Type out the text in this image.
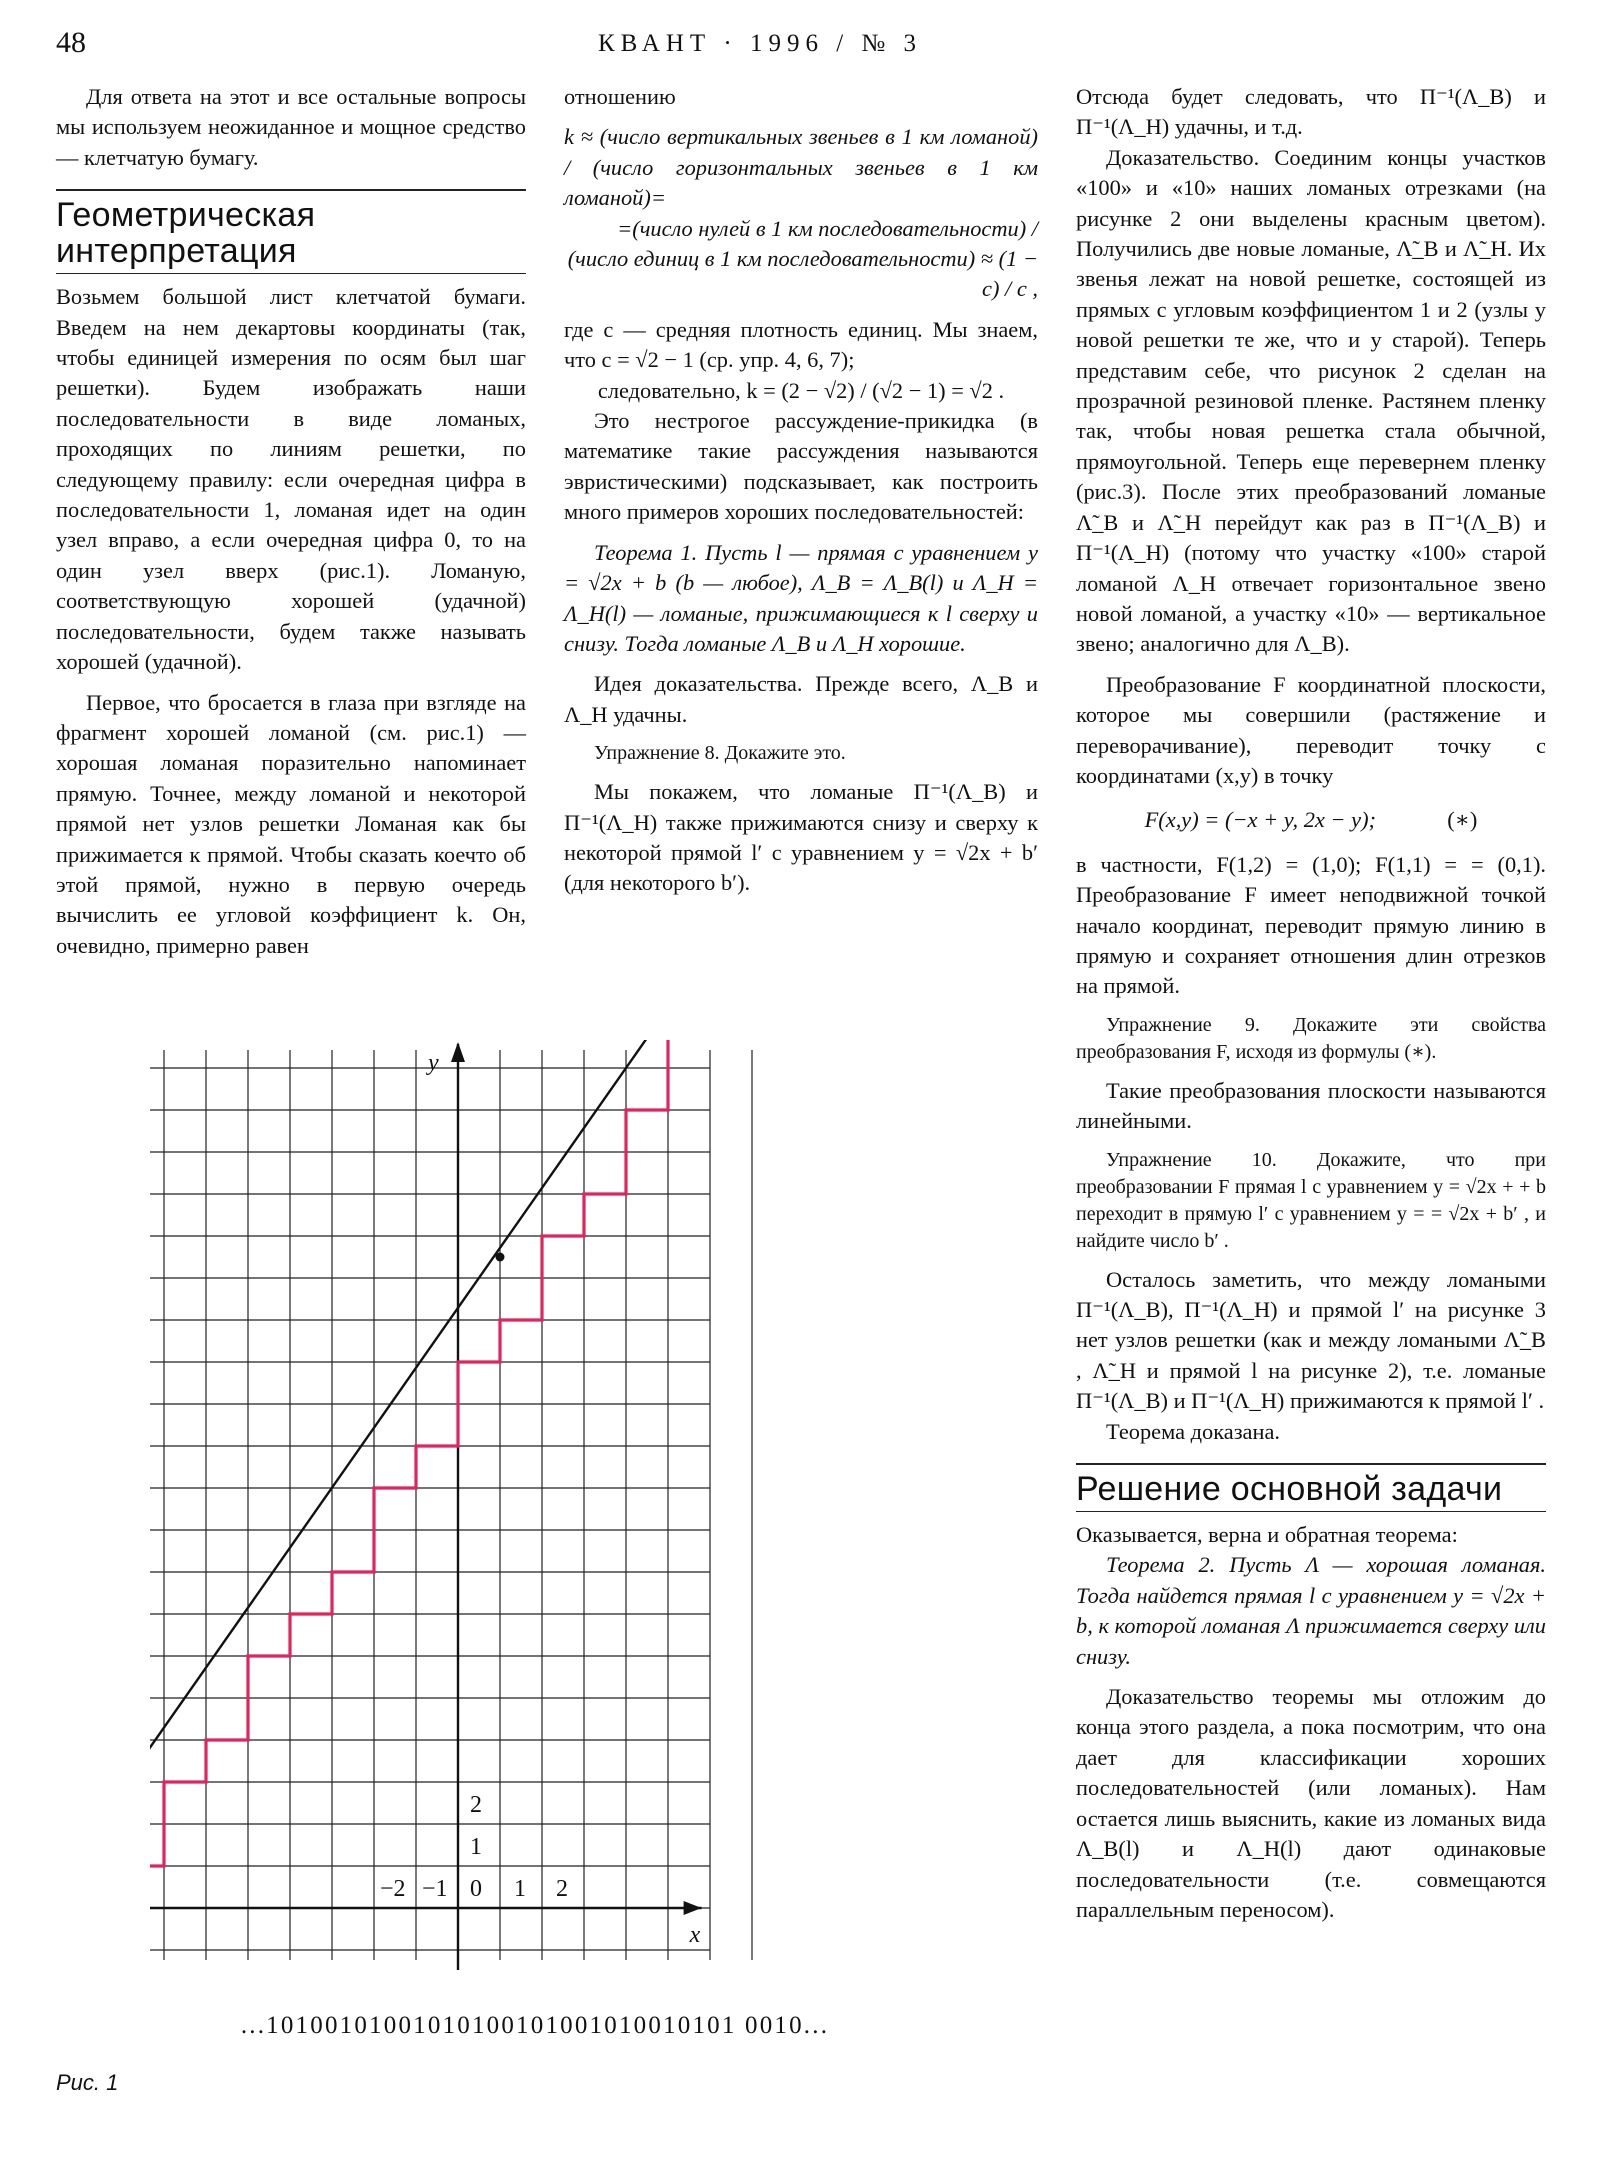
48	КВАНТ · 1996 / № 3

Для ответа на этот и все остальные вопросы мы используем неожиданное и мощное средство — клетчатую бумагу.

Геометрическая
интерпретация

Возьмем большой лист клетчатой бумаги. Введем на нем декартовы координаты (так, чтобы единицей измерения по осям был шаг решетки). Будем изображать наши последовательности в виде ломаных, проходящих по линиям решетки, по следующему правилу: если очередная цифра в последовательности 1, ломаная идет на один узел вправо, а если очередная цифра 0, то на один узел вверх (рис.1). Ломаную, соответствующую хорошей (удачной) последовательности, будем также называть хорошей (удачной).

Первое, что бросается в глаза при взгляде на фрагмент хорошей ломаной (см. рис.1) — хорошая ломаная поразительно напоминает прямую. Точнее, между ломаной и некоторой прямой нет узлов решетки Ломаная как бы прижимается к прямой. Чтобы сказать коечто об этой прямой, нужно в первую очередь вычислить ее угловой коэффициент k. Он, очевидно, примерно равен

отношению

k ≈ (число вертикальных звеньев в 1 км ломаной) / (число горизонтальных звеньев в 1 км ломаной)=

=(число нулей в 1 км последовательности) / (число единиц в 1 км последовательности) ≈ (1 − c) / c ,

где c — средняя плотность единиц. Мы знаем, что c = √2 − 1 (ср. упр. 4, 6, 7);

следовательно, k = (2 − √2) / (√2 − 1) = √2 .

Это нестрогое рассуждение-прикидка (в математике такие рассуждения называются эвристическими) подсказывает, как построить много примеров хороших последовательностей:

Теорема 1. Пусть l — прямая с уравнением y = √2x + b (b — любое), Λ_B = Λ_B(l) и Λ_H = Λ_H(l) — ломаные, прижимающиеся к l сверху и снизу. Тогда ломаные Λ_B и Λ_H хорошие.

Идея доказательства. Прежде всего, Λ_B и Λ_H удачны.

Упражнение 8. Докажите это.

Мы покажем, что ломаные Π⁻¹(Λ_B) и Π⁻¹(Λ_H) также прижимаются снизу и сверху к некоторой прямой l′ с уравнением y = √2x + b′ (для некоторого b′).

Отсюда будет следовать, что Π⁻¹(Λ_B) и Π⁻¹(Λ_H) удачны, и т.д.

Доказательство. Соединим концы участков «100» и «10» наших ломаных отрезками (на рисунке 2 они выделены красным цветом). Получились две новые ломаные, Λ̃_B и Λ̃_H. Их звенья лежат на новой решетке, состоящей из прямых с угловым коэффициентом 1 и 2 (узлы у новой решетки те же, что и у старой). Теперь представим себе, что рисунок 2 сделан на прозрачной резиновой пленке. Растянем пленку так, чтобы новая решетка стала обычной, прямоугольной. Теперь еще перевернем пленку (рис.3). После этих преобразований ломаные Λ̃_B и Λ̃_H перейдут как раз в Π⁻¹(Λ_B) и Π⁻¹(Λ_H) (потому что участку «100» старой ломаной Λ_H отвечает горизонтальное звено новой ломаной, а участку «10» — вертикальное звено; аналогично для Λ_B).

Преобразование F координатной плоскости, которое мы совершили (растяжение и переворачивание), переводит точку с координатами (x,y) в точку

F(x,y) = (−x + y, 2x − y);	(∗)

в частности, F(1,2) = (1,0); F(1,1) = = (0,1). Преобразование F имеет неподвижной точкой начало координат, переводит прямую линию в прямую и сохраняет отношения длин отрезков на прямой.

Упражнение 9. Докажите эти свойства преобразования F, исходя из формулы (∗).

Такие преобразования плоскости называются линейными.

Упражнение 10. Докажите, что при преобразовании F прямая l с уравнением y = √2x + + b переходит в прямую l′ с уравнением y = = √2x + b′ , и найдите число b′ .

Осталось заметить, что между ломаными Π⁻¹(Λ_B), Π⁻¹(Λ_H) и прямой l′ на рисунке 3 нет узлов решетки (как и между ломаными Λ̃_B , Λ̃_H и прямой l на рисунке 2), т.е. ломаные Π⁻¹(Λ_B) и Π⁻¹(Λ_H) прижимаются к прямой l′ .

Теорема доказана.

Решение основной задачи

Оказывается, верна и обратная теорема:

Теорема 2. Пусть Λ — хорошая ломаная. Тогда найдется прямая l с уравнением y = √2x + b, к которой ломаная Λ прижимается сверху или снизу.

Доказательство теоремы мы отложим до конца этого раздела, а пока посмотрим, что она дает для классификации хороших последовательностей (или ломаных). Нам остается лишь выяснить, какие из ломаных вида Λ_B(l) и Λ_H(l) дают одинаковые последовательности (т.е. совмещаются параллельным переносом).

y
x
−2 −1 0 1 2
1
2
...10100101001010100101001010010101 0010...
Рис. 1
